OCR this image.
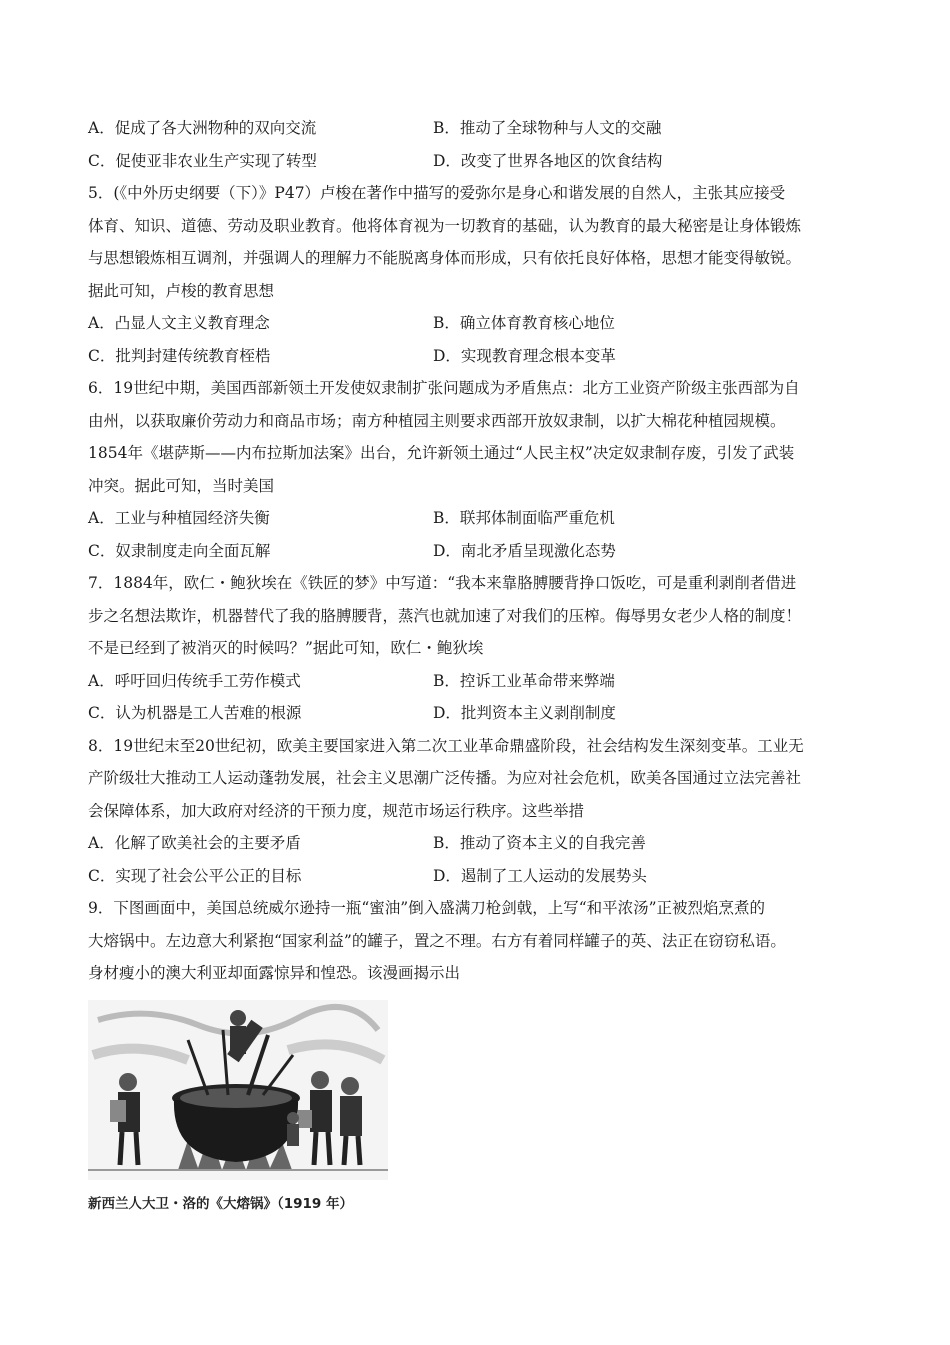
A．促成了各大洲物种的双向交流	B．推动了全球物种与人文的交融
C．促使亚非农业生产实现了转型	D．改变了世界各地区的饮食结构
5．(《中外历史纲要（下）》P47）卢梭在著作中描写的爱弥尔是身心和谐发展的自然人，主张其应接受
体育、知识、道德、劳动及职业教育。他将体育视为一切教育的基础，认为教育的最大秘密是让身体锻炼
与思想锻炼相互调剂，并强调人的理解力不能脱离身体而形成，只有依托良好体格，思想才能变得敏锐。
据此可知，卢梭的教育思想
A．凸显人文主义教育理念	B．确立体育教育核心地位
C．批判封建传统教育桎梏	D．实现教育理念根本变革
6．19世纪中期，美国西部新领土开发使奴隶制扩张问题成为矛盾焦点：北方工业资产阶级主张西部为自
由州，以获取廉价劳动力和商品市场；南方种植园主则要求西部开放奴隶制，以扩大棉花种植园规模。
1854年《堪萨斯——内布拉斯加法案》出台，允许新领土通过“人民主权”决定奴隶制存废，引发了武装
冲突。据此可知，当时美国
A．工业与种植园经济失衡	B．联邦体制面临严重危机
C．奴隶制度走向全面瓦解	D．南北矛盾呈现激化态势
7．1884年，欧仁・鲍狄埃在《铁匠的梦》中写道：“我本来靠胳膊腰背挣口饭吃，可是重利剥削者借进
步之名想法欺诈，机器替代了我的胳膊腰背，蒸汽也就加速了对我们的压榨。侮辱男女老少人格的制度！
不是已经到了被消灭的时候吗？”据此可知，欧仁・鲍狄埃
A．呼吁回归传统手工劳作模式	B．控诉工业革命带来弊端
C．认为机器是工人苦难的根源	D．批判资本主义剥削制度
8．19世纪末至20世纪初，欧美主要国家进入第二次工业革命鼎盛阶段，社会结构发生深刻变革。工业无
产阶级壮大推动工人运动蓬勃发展，社会主义思潮广泛传播。为应对社会危机，欧美各国通过立法完善社
会保障体系，加大政府对经济的干预力度，规范市场运行秩序。这些举措
A．化解了欧美社会的主要矛盾	B．推动了资本主义的自我完善
C．实现了社会公平公正的目标	D．遏制了工人运动的发展势头
9．下图画面中，美国总统威尔逊持一瓶“蜜油”倒入盛满刀枪剑戟，上写“和平浓汤”正被烈焰烹煮的
大熔锅中。左边意大利紧抱“国家利益”的罐子，置之不理。右方有着同样罐子的英、法正在窃窃私语。
身材瘦小的澳大利亚却面露惊异和惶恐。该漫画揭示出
新西兰人大卫・洛的《大熔锅》（1919 年）
